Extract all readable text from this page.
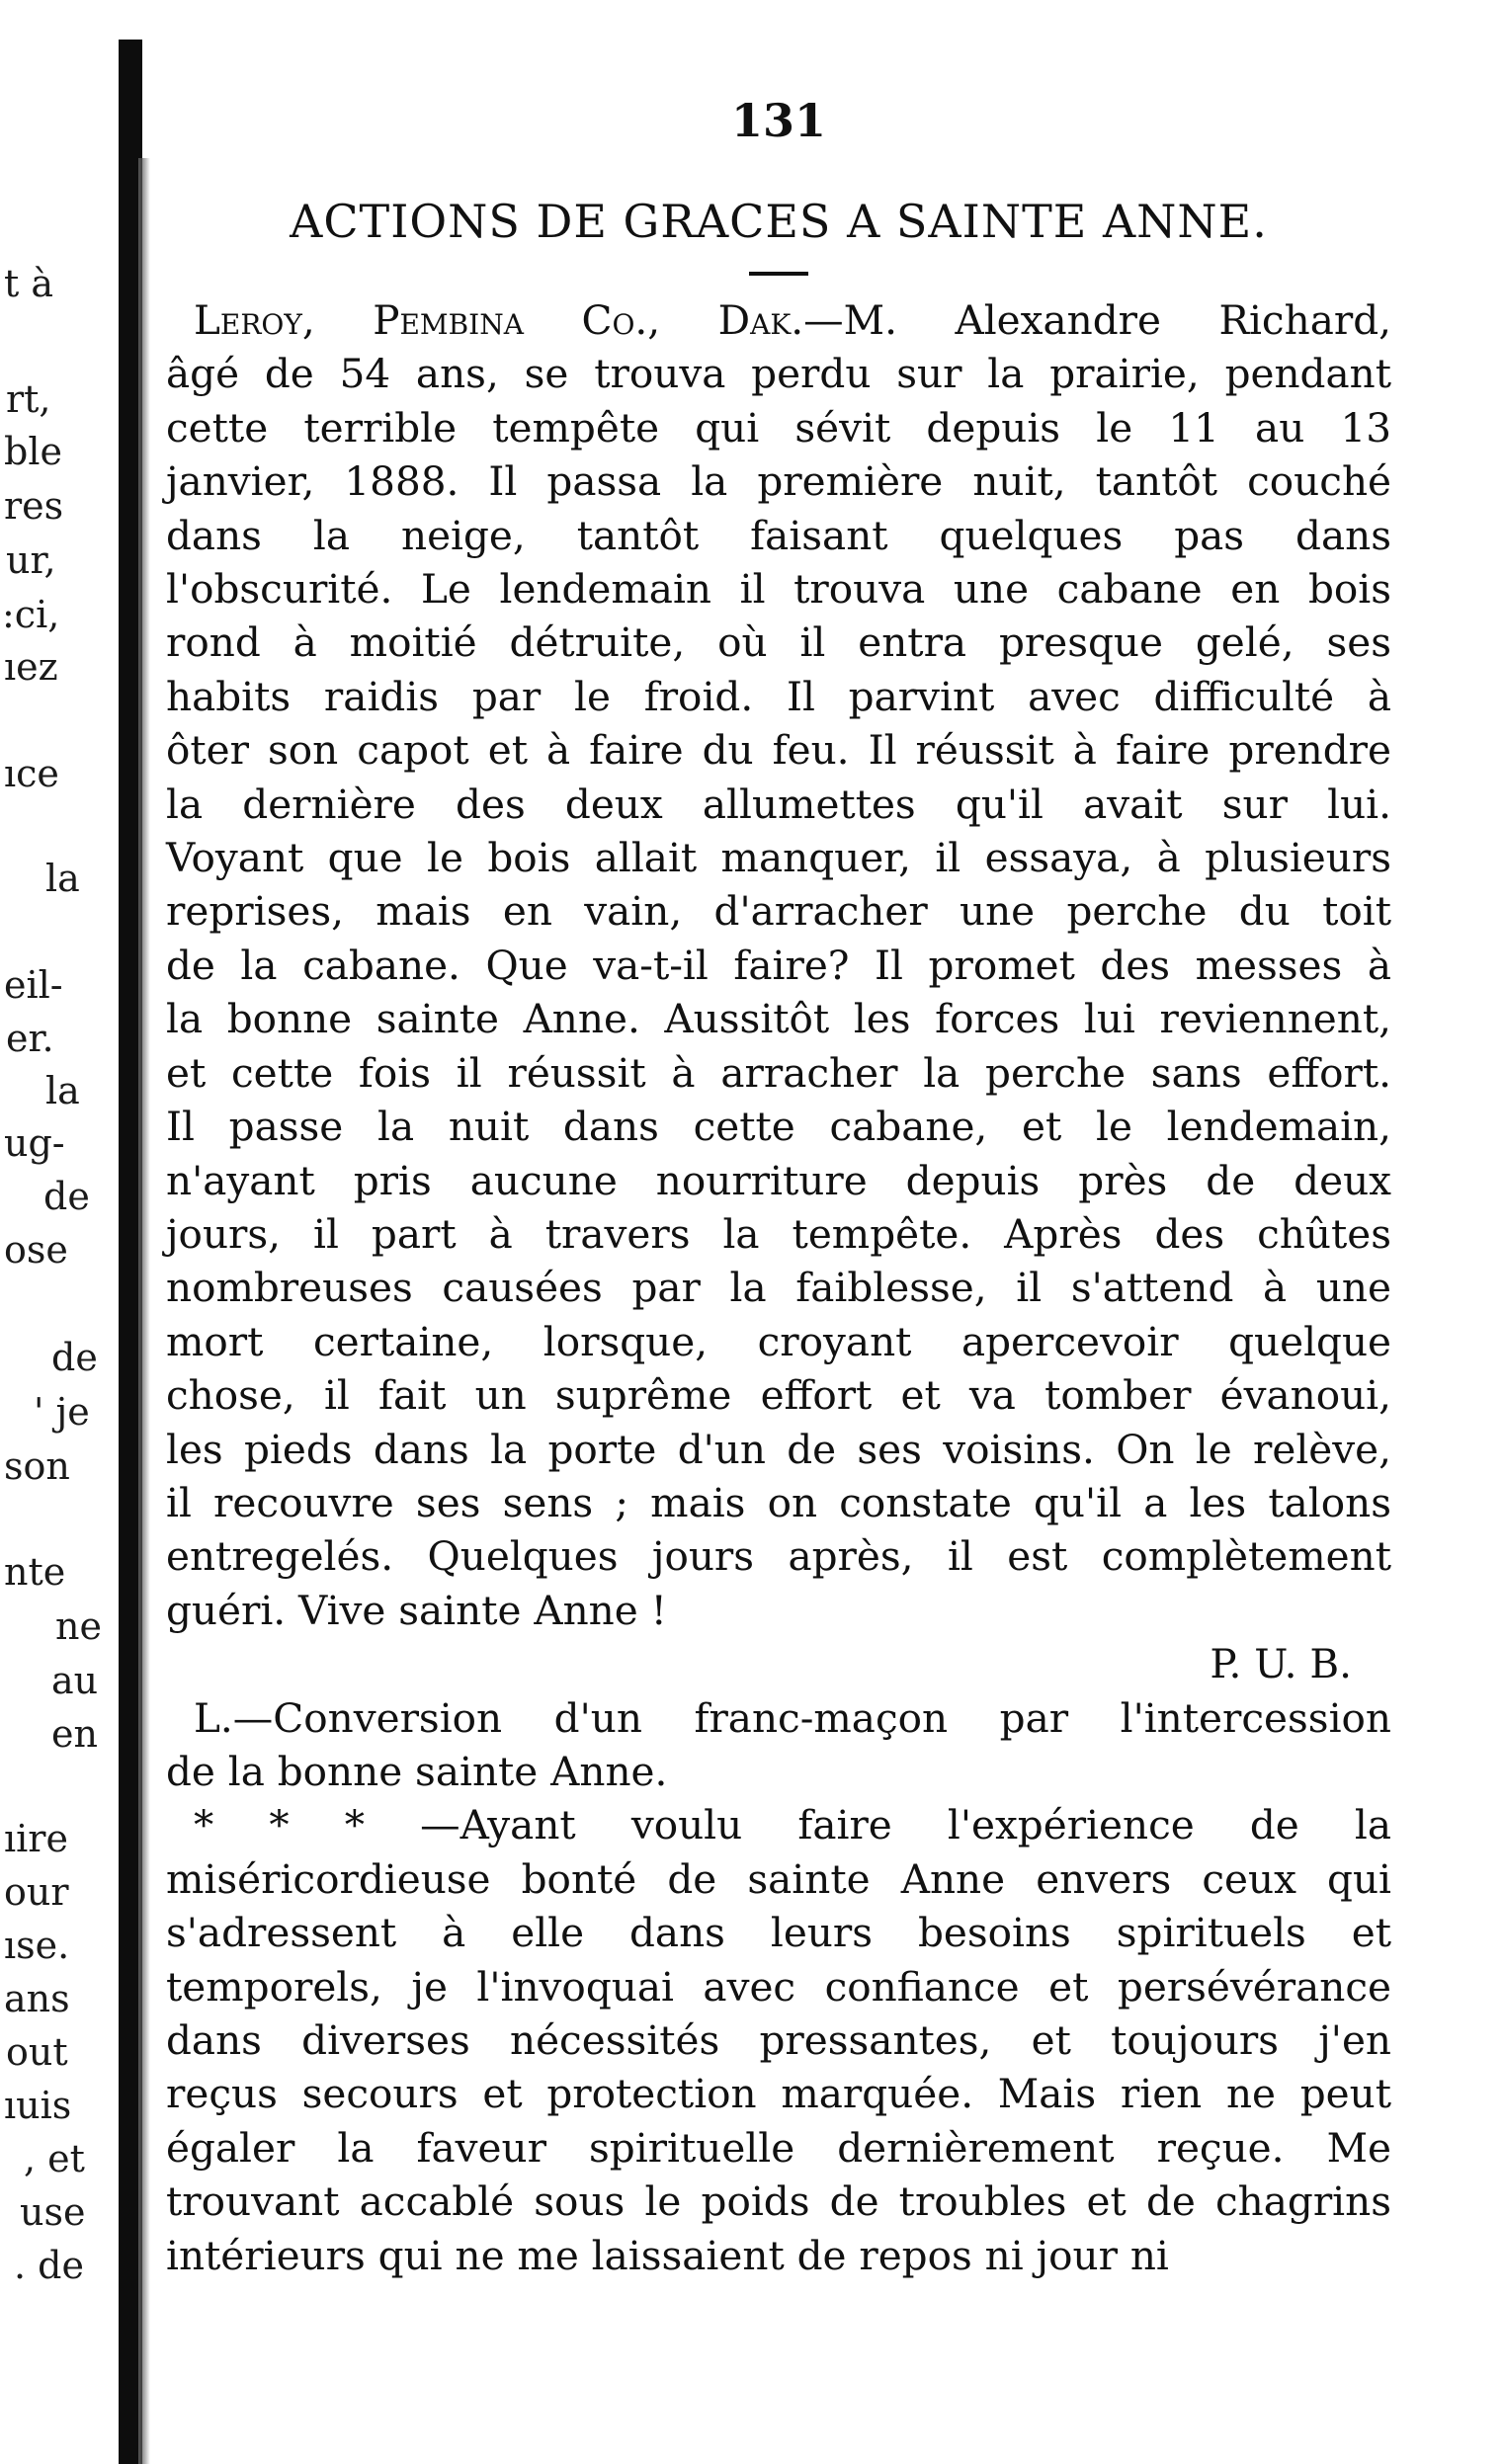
t à
rt,
ble
res
ur,
:ci,
ıez
ıce
la
eil-
er.
la
ug-
de
ose
de
' je
son
nte
ne
au
en
ıire
our
ıse.
ans
out
ıuis
, et
use
. de
131
ACTIONS DE GRACES A SAINTE ANNE.
Leroy, Pembina Co., Dak.—M. Alexandre Richard,
âgé de 54 ans, se trouva perdu sur la prairie, pendant
cette terrible tempête qui sévit depuis le 11 au 13
janvier, 1888. Il passa la première nuit, tantôt couché
dans la neige, tantôt faisant quelques pas dans
l'obscurité. Le lendemain il trouva une cabane en bois
rond à moitié détruite, où il entra presque gelé, ses
habits raidis par le froid. Il parvint avec difficulté à
ôter son capot et à faire du feu. Il réussit à faire prendre
la dernière des deux allumettes qu'il avait sur lui.
Voyant que le bois allait manquer, il essaya, à plusieurs
reprises, mais en vain, d'arracher une perche du toit
de la cabane. Que va-t-il faire? Il promet des messes à
la bonne sainte Anne. Aussitôt les forces lui reviennent,
et cette fois il réussit à arracher la perche sans effort.
Il passe la nuit dans cette cabane, et le lendemain,
n'ayant pris aucune nourriture depuis près de deux
jours, il part à travers la tempête. Après des chûtes
nombreuses causées par la faiblesse, il s'attend à une
mort certaine, lorsque, croyant apercevoir quelque
chose, il fait un suprême effort et va tomber évanoui,
les pieds dans la porte d'un de ses voisins. On le relève,
il recouvre ses sens ; mais on constate qu'il a les talons
entregelés. Quelques jours après, il est complètement
guéri. Vive sainte Anne !
P. U. B.
L.—Conversion d'un franc-maçon par l'intercession
de la bonne sainte Anne.
* * * —Ayant voulu faire l'expérience de la
miséricordieuse bonté de sainte Anne envers ceux qui
s'adressent à elle dans leurs besoins spirituels et
temporels, je l'invoquai avec confiance et persévérance
dans diverses nécessités pressantes, et toujours j'en
reçus secours et protection marquée. Mais rien ne peut
égaler la faveur spirituelle dernièrement reçue. Me
trouvant accablé sous le poids de troubles et de chagrins
intérieurs qui ne me laissaient de repos ni jour ni
